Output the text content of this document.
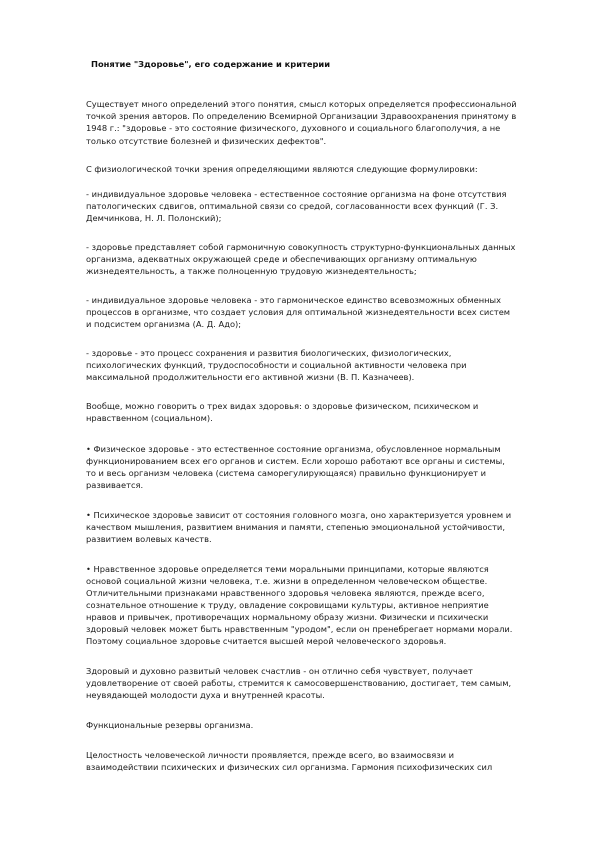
Понятие "Здоровье", его содержание и критерии
Существует много определений этого понятия, смысл которых определяется профессиональной
точкой зрения авторов. По определению Всемирной Организации Здравоохранения принятому в
1948 г.: "здоровье - это состояние физического, духовного и социального благополучия, а не
только отсутствие болезней и физических дефектов".
С физиологической точки зрения определяющими являются следующие формулировки:
- индивидуальное здоровье человека - естественное состояние организма на фоне отсутствия
патологических сдвигов, оптимальной связи со средой, согласованности всех функций (Г. З.
Демчинкова, Н. Л. Полонский);
- здоровье представляет собой гармоничную совокупность структурно-функциональных данных
организма, адекватных окружающей среде и обеспечивающих организму оптимальную
жизнедеятельность, а также полноценную трудовую жизнедеятельность;
- индивидуальное здоровье человека - это гармоническое единство всевозможных обменных
процессов в организме, что создает условия для оптимальной жизнедеятельности всех систем
и подсистем организма (А. Д. Адо);
- здоровье - это процесс сохранения и развития биологических, физиологических,
психологических функций, трудоспособности и социальной активности человека при
максимальной продолжительности его активной жизни (В. П. Казначеев).
Вообще, можно говорить о трех видах здоровья: о здоровье физическом, психическом и
нравственном (социальном).
• Физическое здоровье - это естественное состояние организма, обусловленное нормальным
функционированием всех его органов и систем. Если хорошо работают все органы и системы,
то и весь организм человека (система саморегулирующаяся) правильно функционирует и
развивается.
• Психическое здоровье зависит от состояния головного мозга, оно характеризуется уровнем и
качеством мышления, развитием внимания и памяти, степенью эмоциональной устойчивости,
развитием волевых качеств.
• Нравственное здоровье определяется теми моральными принципами, которые являются
основой социальной жизни человека, т.е. жизни в определенном человеческом обществе.
Отличительными признаками нравственного здоровья человека являются, прежде всего,
сознательное отношение к труду, овладение сокровищами культуры, активное неприятие
нравов и привычек, противоречащих нормальному образу жизни. Физически и психически
здоровый человек может быть нравственным "уродом", если он пренебрегает нормами морали.
Поэтому социальное здоровье считается высшей мерой человеческого здоровья.
Здоровый и духовно развитый человек счастлив - он отлично себя чувствует, получает
удовлетворение от своей работы, стремится к самосовершенствованию, достигает, тем самым,
неувядающей молодости духа и внутренней красоты.
Функциональные резервы организма.
Целостность человеческой личности проявляется, прежде всего, во взаимосвязи и
взаимодействии психических и физических сил организма. Гармония психофизических сил
